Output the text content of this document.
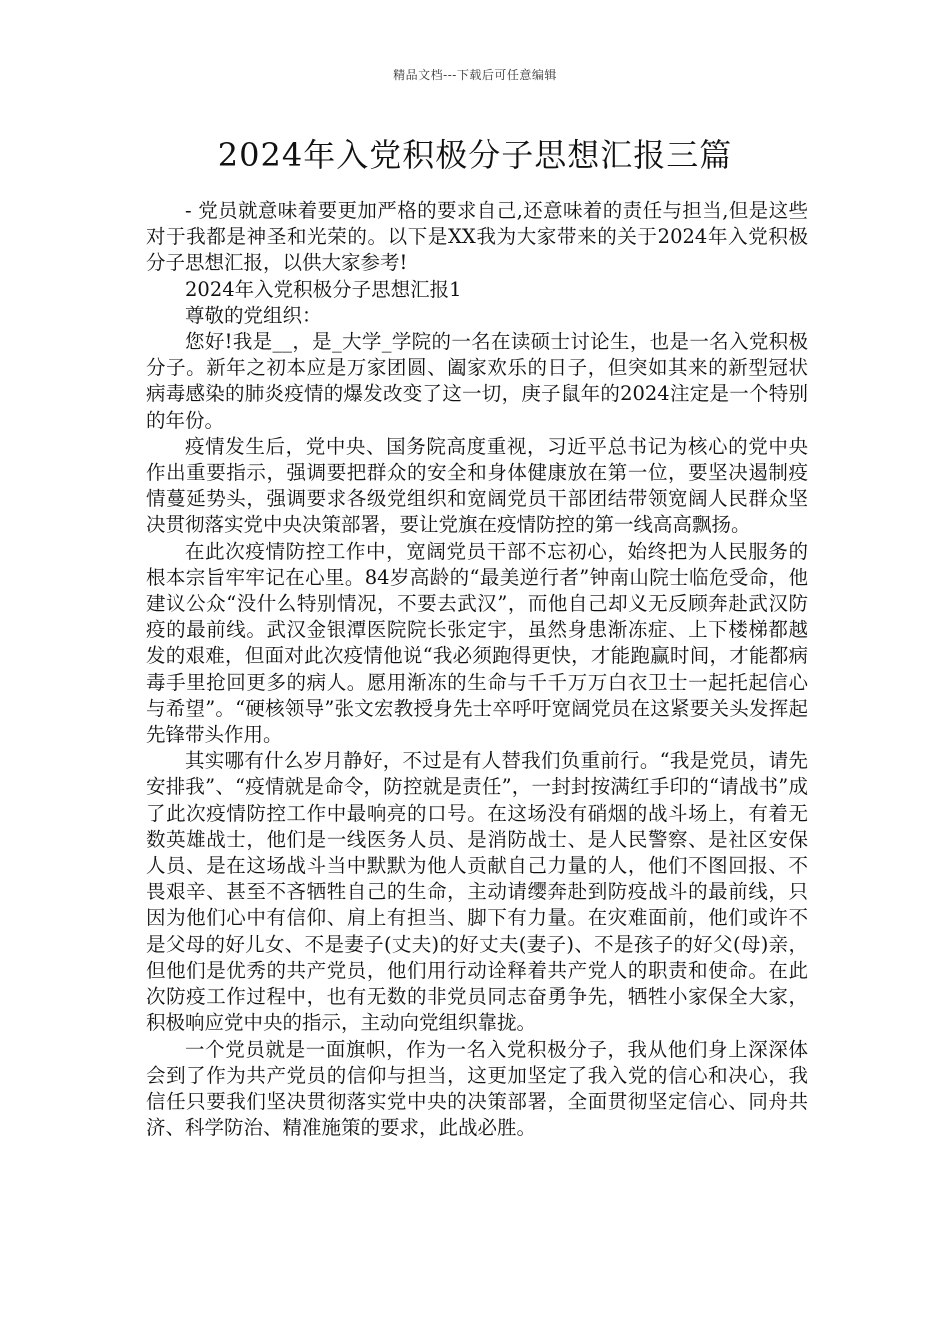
精品文档---下载后可任意编辑
2024年入党积极分子思想汇报三篇

- 党员就意味着要更加严格的要求自己,还意味着的责任与担当,但是这些对于我都是神圣和光荣的。以下是XX我为大家带来的关于2024年入党积极分子思想汇报，以供大家参考!

2024年入党积极分子思想汇报1

尊敬的党组织：

您好!我是__，是_大学_学院的一名在读硕士讨论生，也是一名入党积极分子。新年之初本应是万家团圆、阖家欢乐的日子，但突如其来的新型冠状病毒感染的肺炎疫情的爆发改变了这一切，庚子鼠年的2024注定是一个特别的年份。

疫情发生后，党中央、国务院高度重视，习近平总书记为核心的党中央作出重要指示，强调要把群众的安全和身体健康放在第一位，要坚决遏制疫情蔓延势头，强调要求各级党组织和宽阔党员干部团结带领宽阔人民群众坚决贯彻落实党中央决策部署，要让党旗在疫情防控的第一线高高飘扬。

在此次疫情防控工作中，宽阔党员干部不忘初心，始终把为人民服务的根本宗旨牢牢记在心里。84岁高龄的“最美逆行者”钟南山院士临危受命，他建议公众“没什么特别情况，不要去武汉”，而他自己却义无反顾奔赴武汉防疫的最前线。武汉金银潭医院院长张定宇，虽然身患渐冻症、上下楼梯都越发的艰难，但面对此次疫情他说“我必须跑得更快，才能跑赢时间，才能都病毒手里抢回更多的病人。愿用渐冻的生命与千千万万白衣卫士一起托起信心与希望”。“硬核领导”张文宏教授身先士卒呼吁宽阔党员在这紧要关头发挥起先锋带头作用。

其实哪有什么岁月静好，不过是有人替我们负重前行。“我是党员，请先安排我”、“疫情就是命令，防控就是责任”，一封封按满红手印的“请战书”成了此次疫情防控工作中最响亮的口号。在这场没有硝烟的战斗场上，有着无数英雄战士，他们是一线医务人员、是消防战士、是人民警察、是社区安保人员、是在这场战斗当中默默为他人贡献自己力量的人，他们不图回报、不畏艰辛、甚至不吝牺牲自己的生命，主动请缨奔赴到防疫战斗的最前线，只因为他们心中有信仰、肩上有担当、脚下有力量。在灾难面前，他们或许不是父母的好儿女、不是妻子(丈夫)的好丈夫(妻子)、不是孩子的好父(母)亲，但他们是优秀的共产党员，他们用行动诠释着共产党人的职责和使命。在此次防疫工作过程中，也有无数的非党员同志奋勇争先，牺牲小家保全大家，积极响应党中央的指示，主动向党组织靠拢。

一个党员就是一面旗帜，作为一名入党积极分子，我从他们身上深深体会到了作为共产党员的信仰与担当，这更加坚定了我入党的信心和决心，我信任只要我们坚决贯彻落实党中央的决策部署，全面贯彻坚定信心、同舟共济、科学防治、精准施策的要求，此战必胜。
